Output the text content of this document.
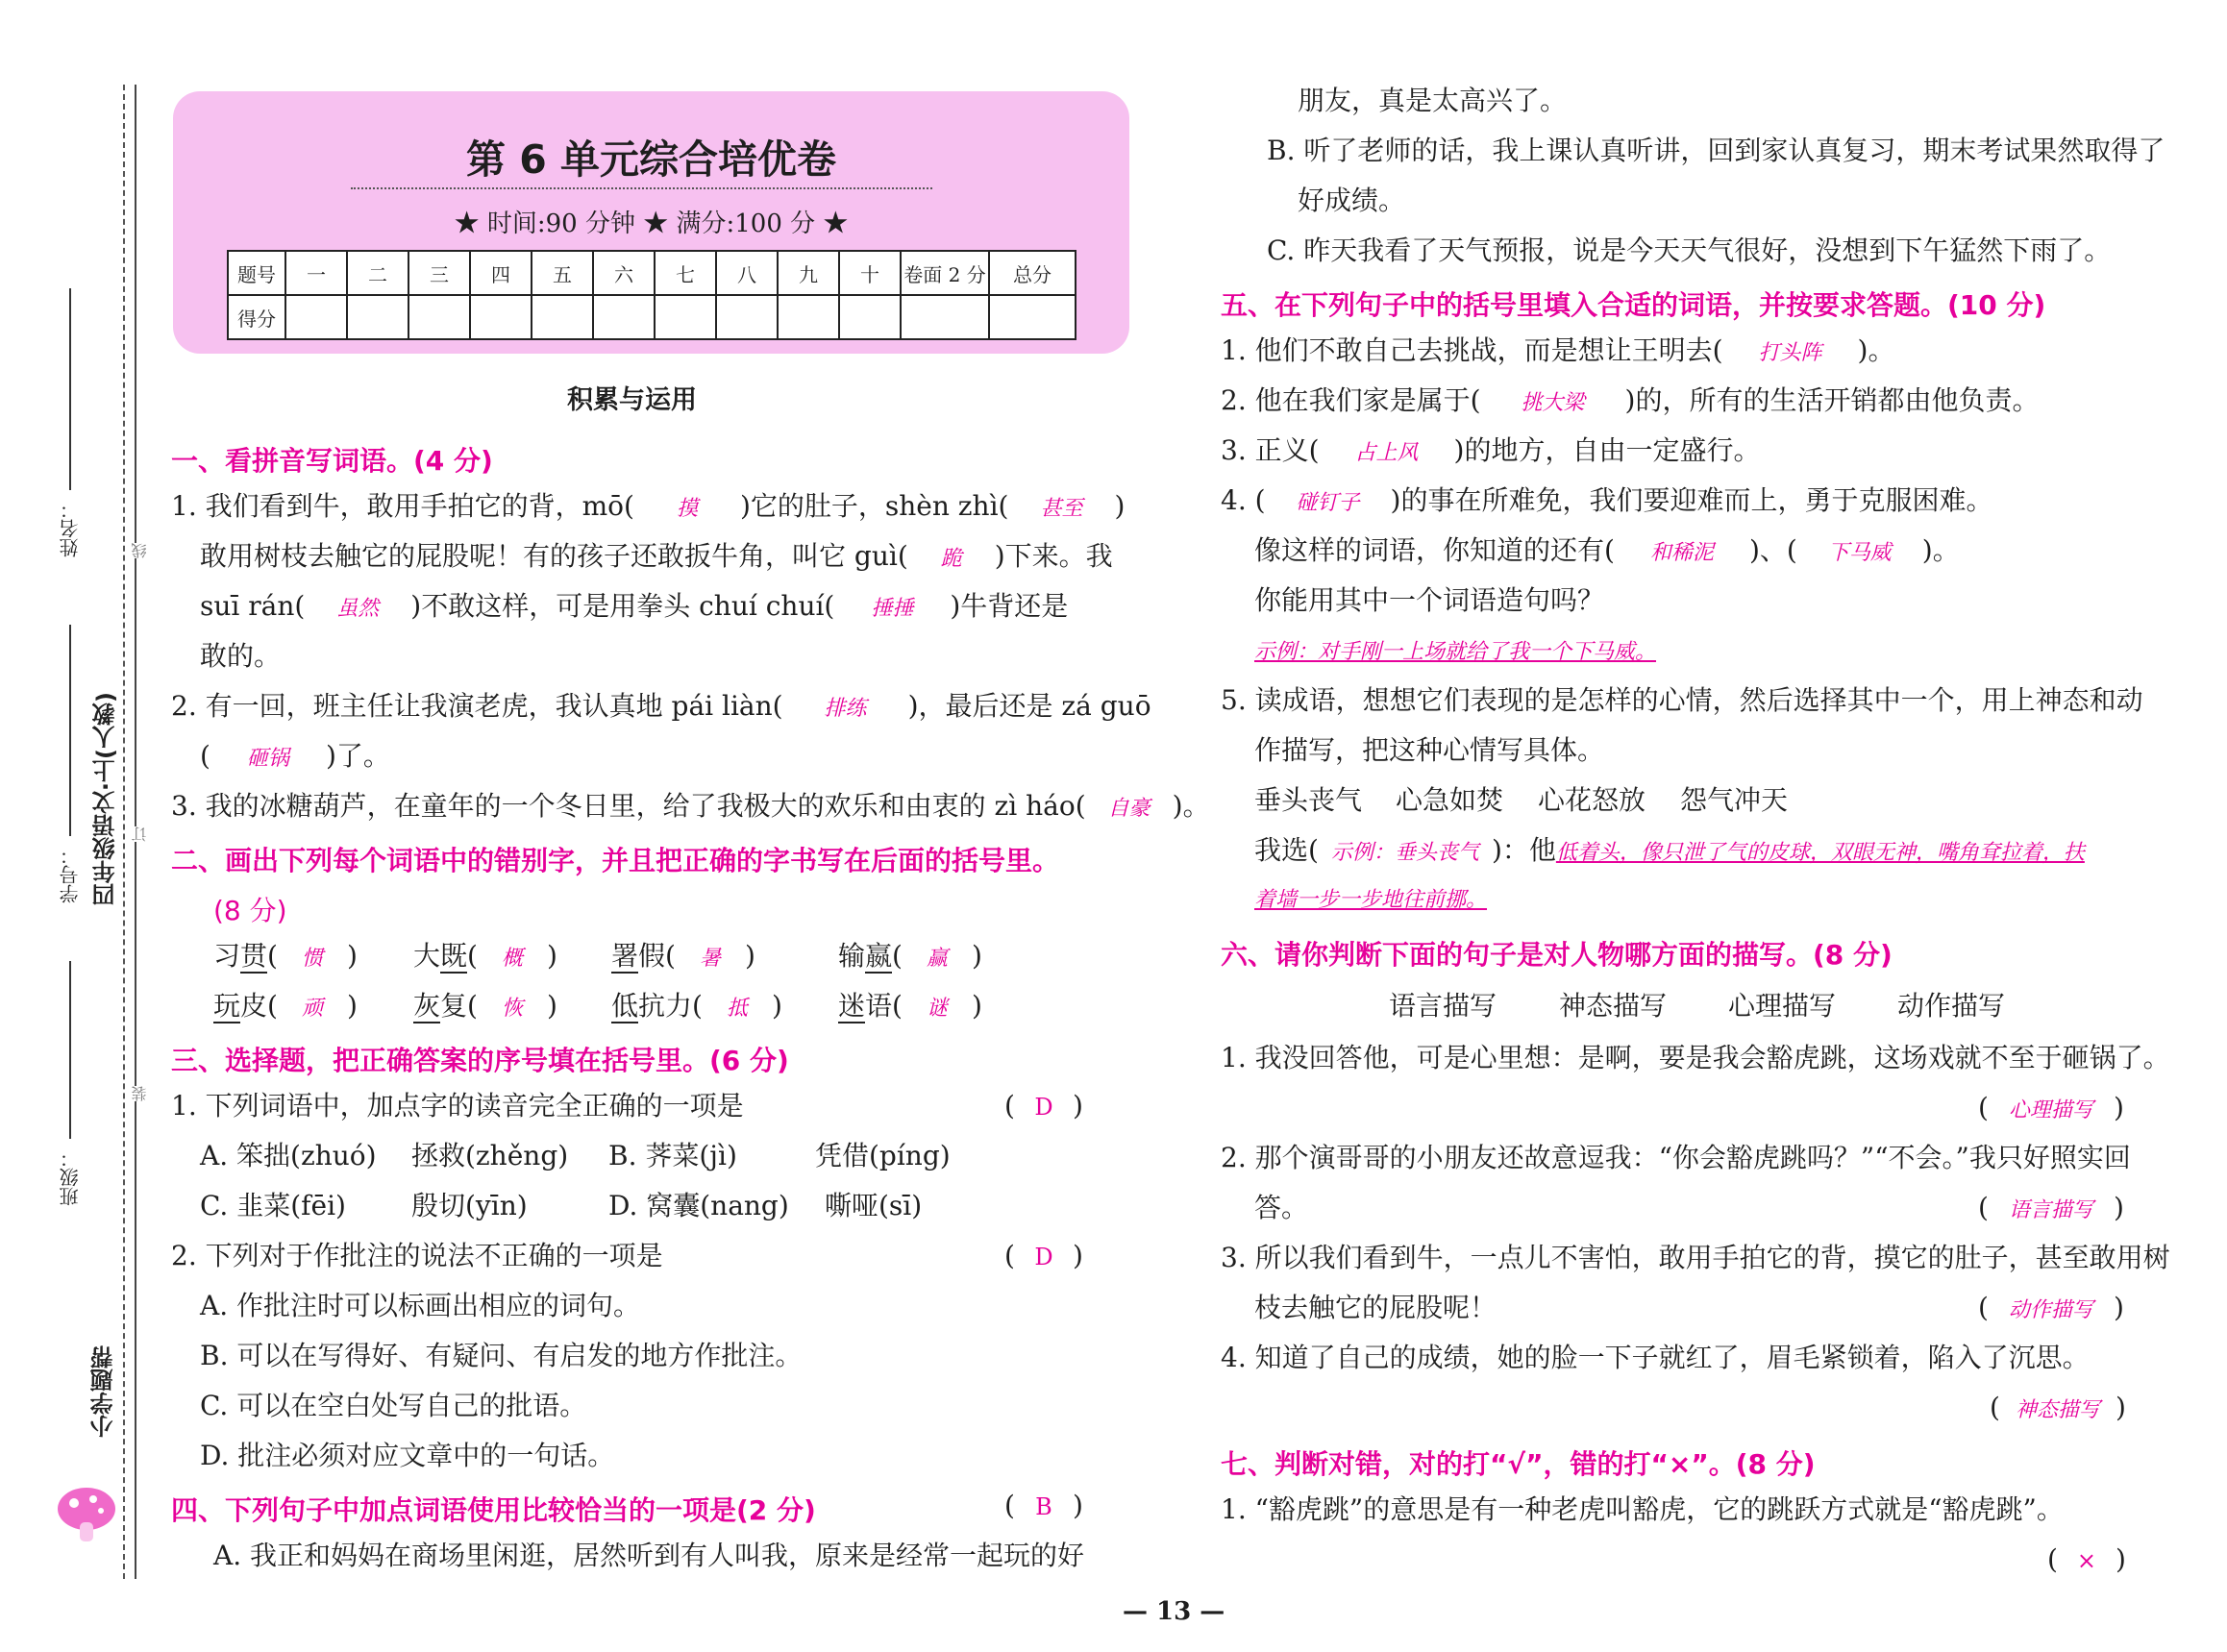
线
订
装
姓名：
学号： 四年级语文·上(人教)
班级：
小学题帮
第 6 单元综合培优卷
★ 时间:90 分钟 ★ 满分:100 分 ★
题号	一	二	三	四	五	六	七	八	九	十	卷面 2 分	总分
得分												
积累与运用
一、看拼音写词语。(4 分)
1. 我们看到牛，敢用手拍它的背，mō( 摸 )它的肚子，shèn zhì( 甚至 )
敢用树枝去触它的屁股呢！有的孩子还敢扳牛角，叫它 guì( 跪 )下来。我
suī rán( 虽然 )不敢这样，可是用拳头 chuí chuí( 捶捶 )牛背还是
敢的。
2. 有一回，班主任让我演老虎，我认真地 pái liàn( 排练 )，最后还是 zá guō
( 砸锅 )了。
3. 我的冰糖葫芦，在童年的一个冬日里，给了我极大的欢乐和由衷的 zì háo( 自豪 )。
二、画出下列每个词语中的错别字，并且把正确的字书写在后面的括号里。
(8 分)
习贯( 惯 ) 大既( 概 ) 署假( 暑 )	输嬴( 赢 )
玩皮( 顽 ) 灰复( 恢 ) 低抗力( 抵 ) 迷语( 谜 )
三、选择题，把正确答案的序号填在括号里。(6 分)
1. 下列词语中，加点字的读音完全正确的一项是	( D )
A. 笨拙(zhuó) 拯救(zhěng) B. 荠菜(jì)	凭借(píng)
C. 韭菜(fēi) 殷切(yīn)	D. 窝囊(nang) 嘶哑(sī)
2. 下列对于作批注的说法不正确的一项是	( D )
A. 作批注时可以标画出相应的词句。
B. 可以在写得好、有疑问、有启发的地方作批注。
C. 可以在空白处写自己的批语。
D. 批注必须对应文章中的一句话。
四、下列句子中加点词语使用比较恰当的一项是(2 分)	( B )
A. 我正和妈妈在商场里闲逛，居然听到有人叫我，原来是经常一起玩的好
朋友，真是太高兴了。
B. 听了老师的话，我上课认真听讲，回到家认真复习，期末考试果然取得了
好成绩。
C. 昨天我看了天气预报，说是今天天气很好，没想到下午猛然下雨了。
五、在下列句子中的括号里填入合适的词语，并按要求答题。(10 分)
1. 他们不敢自己去挑战，而是想让王明去( 打头阵 )。
2. 他在我们家是属于( 挑大梁 )的，所有的生活开销都由他负责。
3. 正义( 占上风 )的地方，自由一定盛行。
4. ( 碰钉子 )的事在所难免，我们要迎难而上，勇于克服困难。
像这样的词语，你知道的还有( 和稀泥 )、( 下马威 )。
你能用其中一个词语造句吗？
示例：对手刚一上场就给了我一个下马威。
5. 读成语，想想它们表现的是怎样的心情，然后选择其中一个，用上神态和动
作描写，把这种心情写具体。
垂头丧气 心急如焚 心花怒放 怨气冲天
我选( 示例：垂头丧气 )：他低着头，像只泄了气的皮球，双眼无神，嘴角耷拉着，扶
着墙一步一步地往前挪。
六、请你判断下面的句子是对人物哪方面的描写。(8 分)
语言描写 神态描写 心理描写 动作描写
1. 我没回答他，可是心里想：是啊，要是我会豁虎跳，这场戏就不至于砸锅了。
( 心理描写 )
2. 那个演哥哥的小朋友还故意逗我：“你会豁虎跳吗？”“不会。”我只好照实回
答。	( 语言描写 )
3. 所以我们看到牛，一点儿不害怕，敢用手拍它的背，摸它的肚子，甚至敢用树
枝去触它的屁股呢！	( 动作描写 )
4. 知道了自己的成绩，她的脸一下子就红了，眉毛紧锁着，陷入了沉思。
( 神态描写 )
七、判断对错，对的打“√”，错的打“×”。(8 分)
1. “豁虎跳”的意思是有一种老虎叫豁虎，它的跳跃方式就是“豁虎跳”。
( × )
— 13 —
